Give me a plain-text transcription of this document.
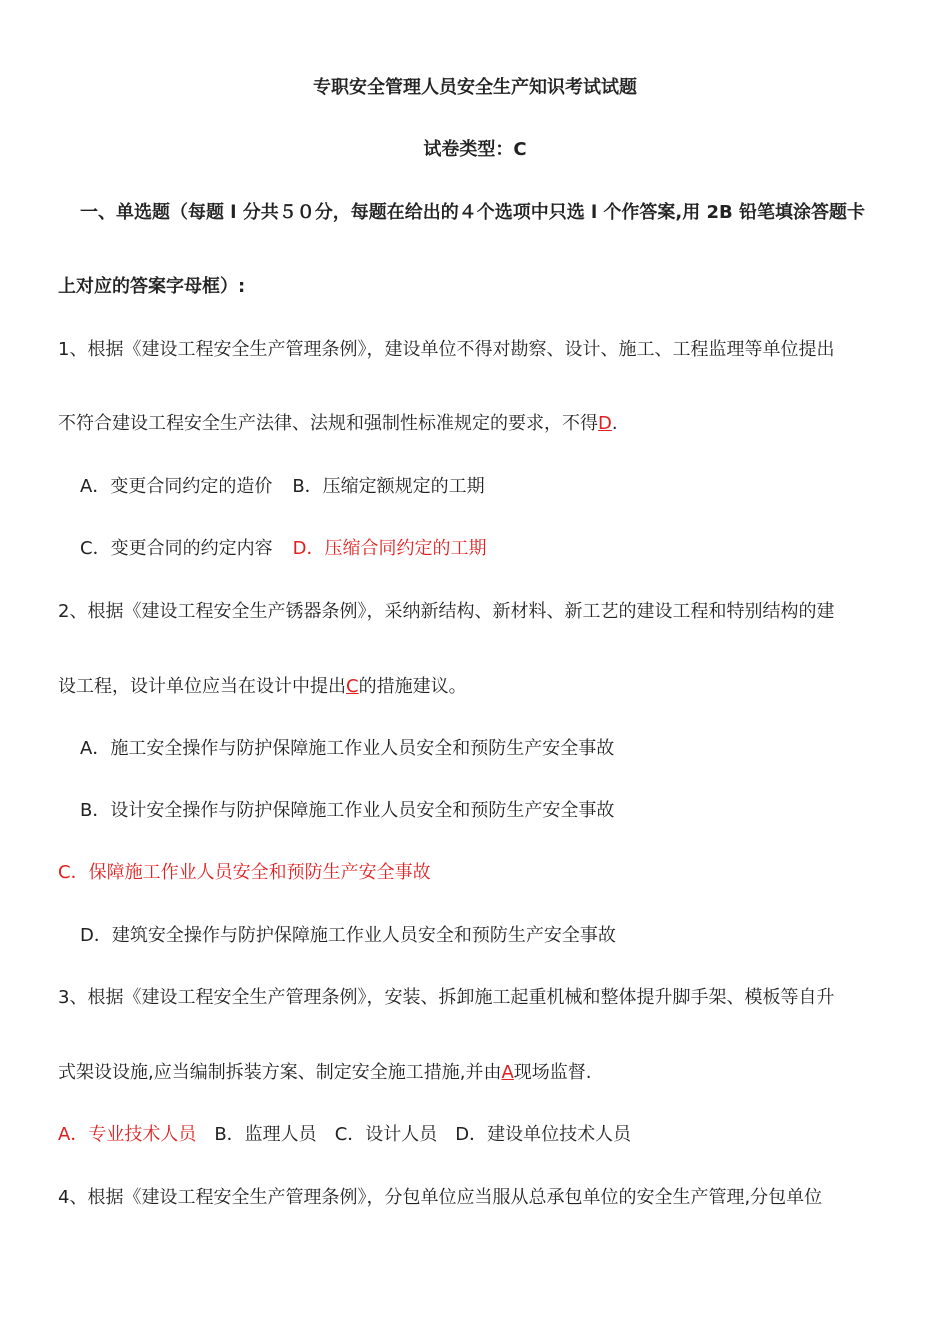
专职安全管理人员安全生产知识考试试题
试卷类型：C
一、单选题（每题 l 分共５０分，每题在给出的４个选项中只选 l 个作答案,用 2B 铅笔填涂答题卡
上对应的答案字母框）:
1、根据《建设工程安全生产管理条例》，建设单位不得对勘察、设计、施工、工程监理等单位提出
不符合建设工程安全生产法律、法规和强制性标准规定的要求，不得D.
A．变更合同约定的造价 B．压缩定额规定的工期
C．变更合同的约定内容 D．压缩合同约定的工期
2、根据《建设工程安全生产锈器条例》，采纳新结构、新材料、新工艺的建设工程和特别结构的建
设工程，设计单位应当在设计中提出C的措施建议。
A．施工安全操作与防护保障施工作业人员安全和预防生产安全事故
B．设计安全操作与防护保障施工作业人员安全和预防生产安全事故
C．保障施工作业人员安全和预防生产安全事故
D．建筑安全操作与防护保障施工作业人员安全和预防生产安全事故
3、根据《建设工程安全生产管理条例》，安装、拆卸施工起重机械和整体提升脚手架、模板等自升
式架设设施,应当编制拆装方案、制定安全施工措施,并由A现场监督.
A．专业技术人员 B．监理人员 C．设计人员 D．建设单位技术人员
4、根据《建设工程安全生产管理条例》，分包单位应当服从总承包单位的安全生产管理,分包单位
